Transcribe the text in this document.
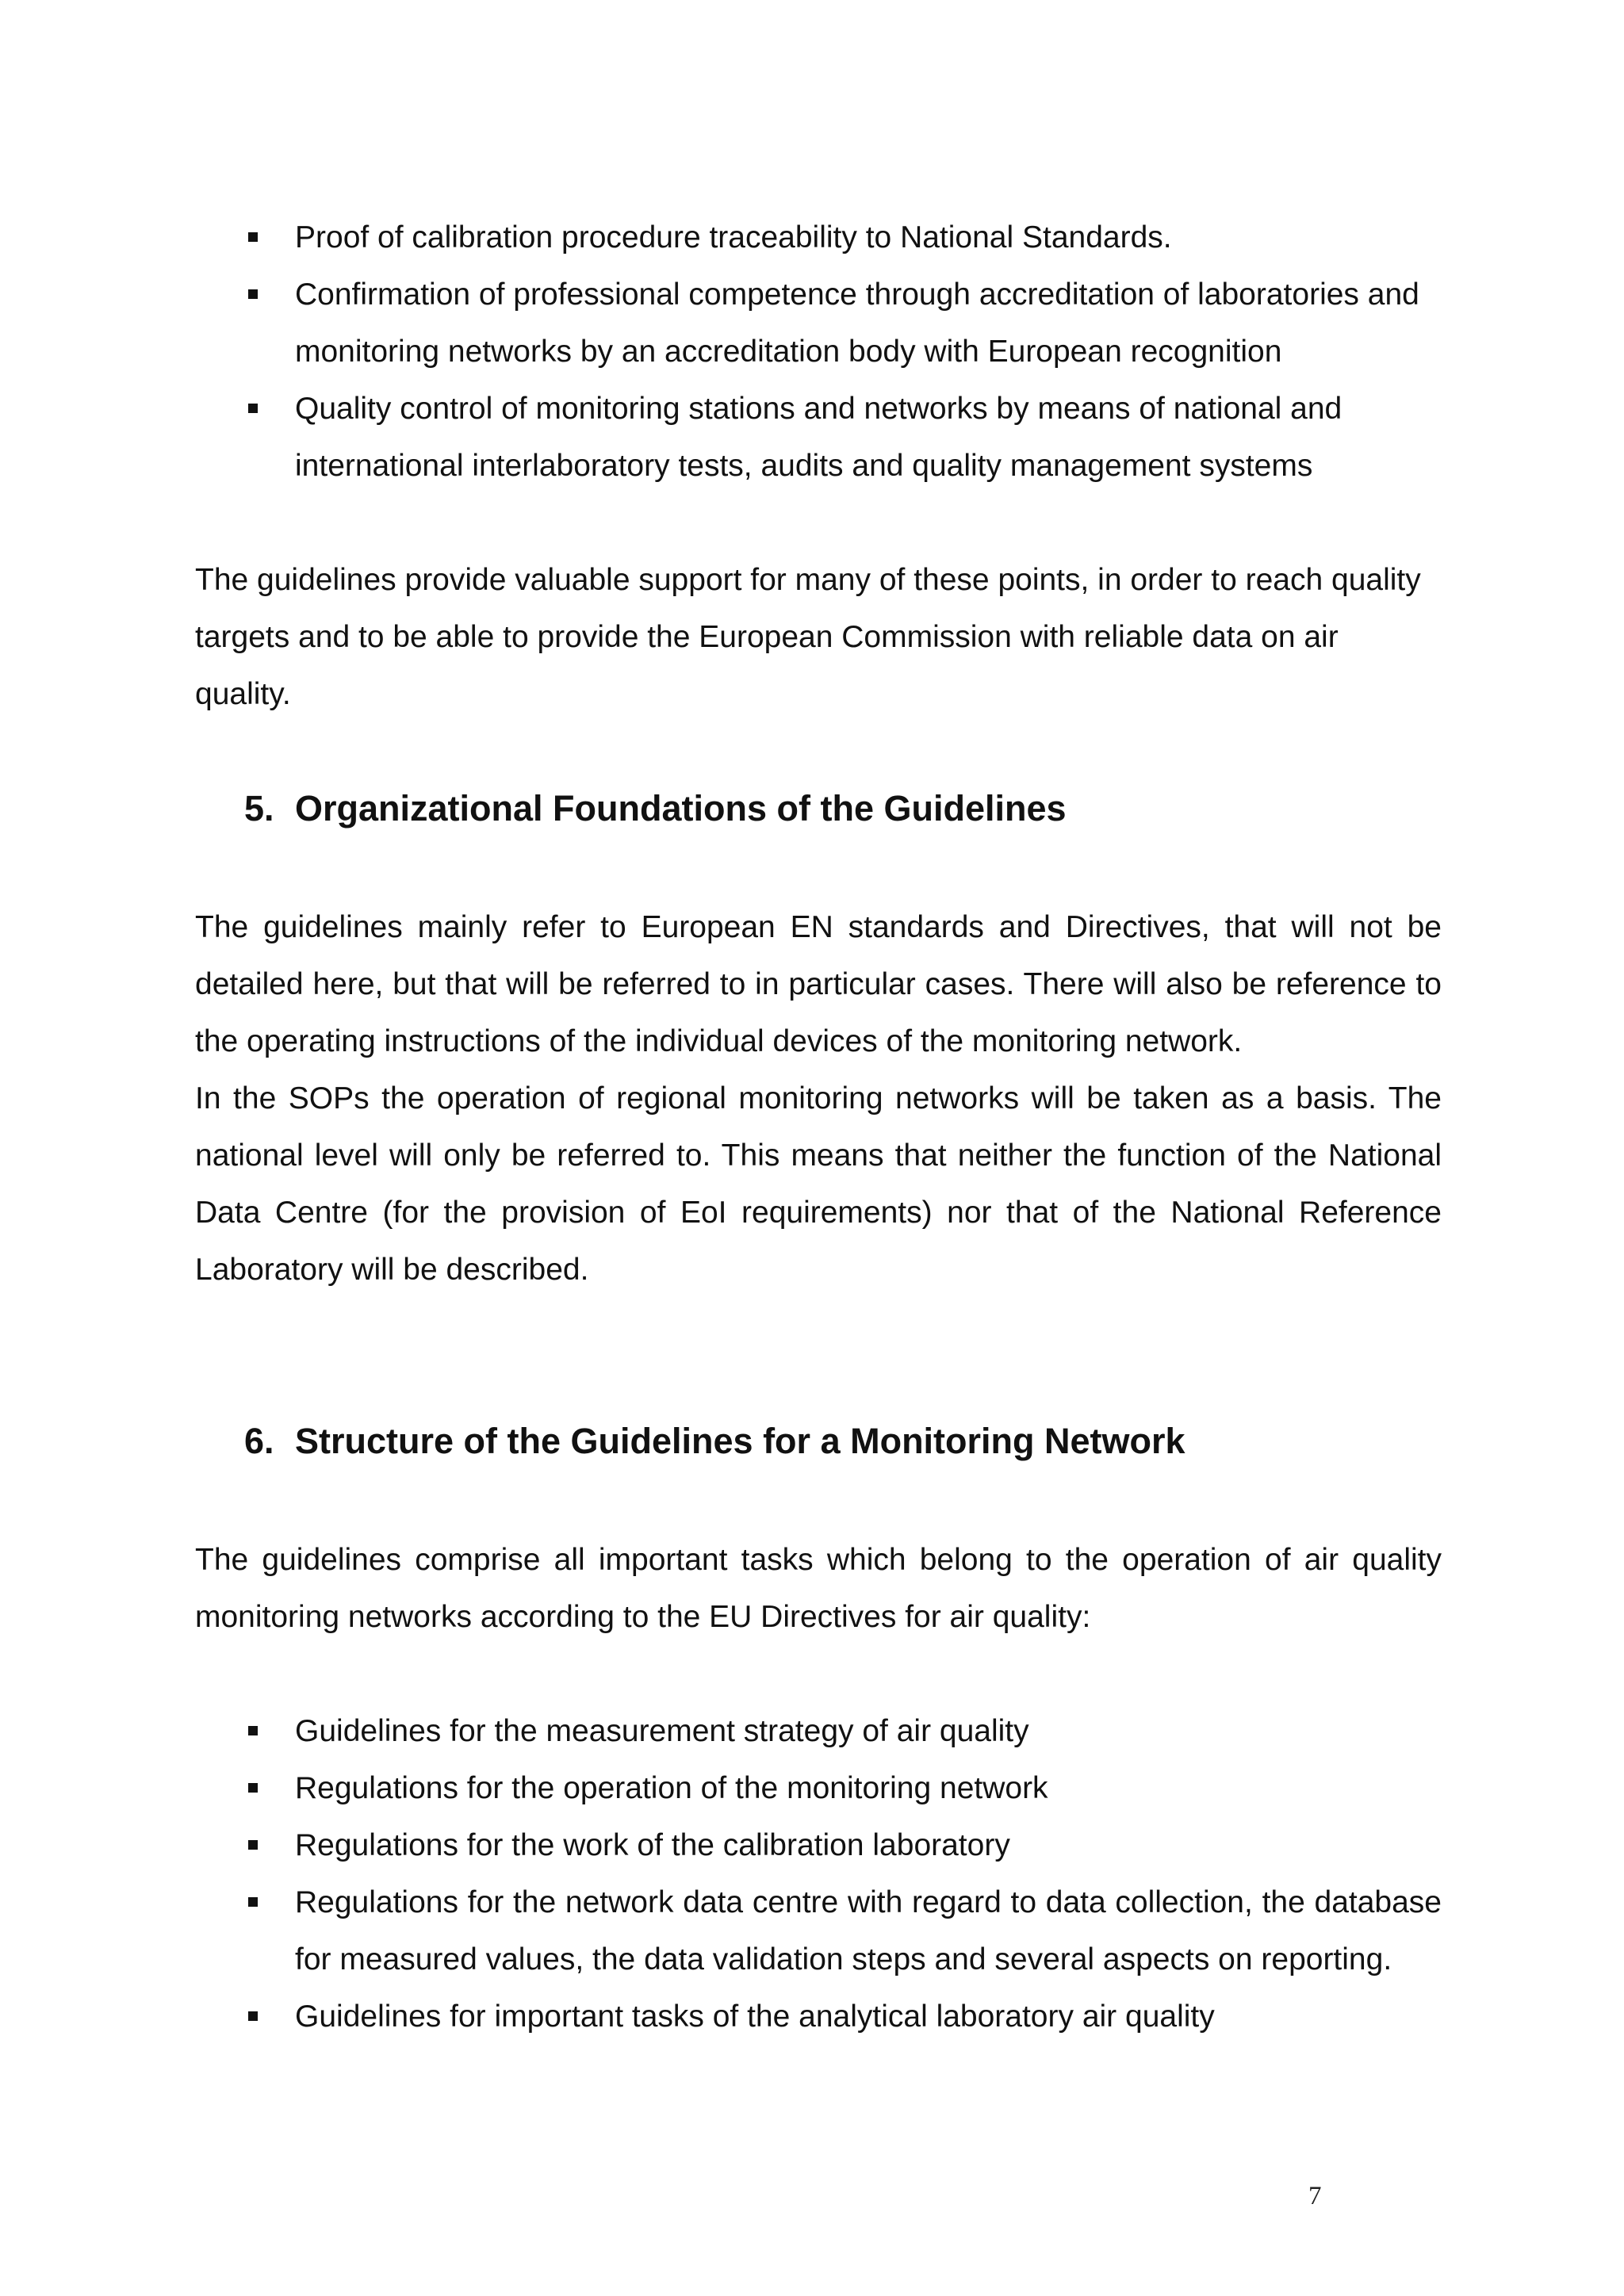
Proof of calibration procedure traceability to National Standards.
Confirmation of professional competence through accreditation of laboratories and monitoring networks by an accreditation body with European recognition
Quality control of monitoring stations and networks by means of national and international interlaboratory tests, audits and quality management systems

The guidelines provide valuable support for many of these points, in order to reach quality targets and to be able to provide the European Commission with reliable data on air quality.

5. Organizational Foundations of the Guidelines

The guidelines mainly refer to European EN standards and Directives, that will not be detailed here, but that will be referred to in particular cases. There will also be reference to the operating instructions of the individual devices of the monitoring network.

In the SOPs the operation of regional monitoring networks will be taken as a basis. The national level will only be referred to. This means that neither the function of the National Data Centre (for the provision of EoI requirements) nor that of the National Reference Laboratory will be described.

6. Structure of the Guidelines for a Monitoring Network

The guidelines comprise all important tasks which belong to the operation of air quality monitoring networks according to the EU Directives for air quality:

Guidelines for the measurement strategy of air quality
Regulations for the operation of the monitoring network
Regulations for the work of the calibration laboratory
Regulations for the network data centre with regard to data collection, the database for measured values, the data validation steps and several aspects on reporting.
Guidelines for important tasks of the analytical laboratory air quality
7
